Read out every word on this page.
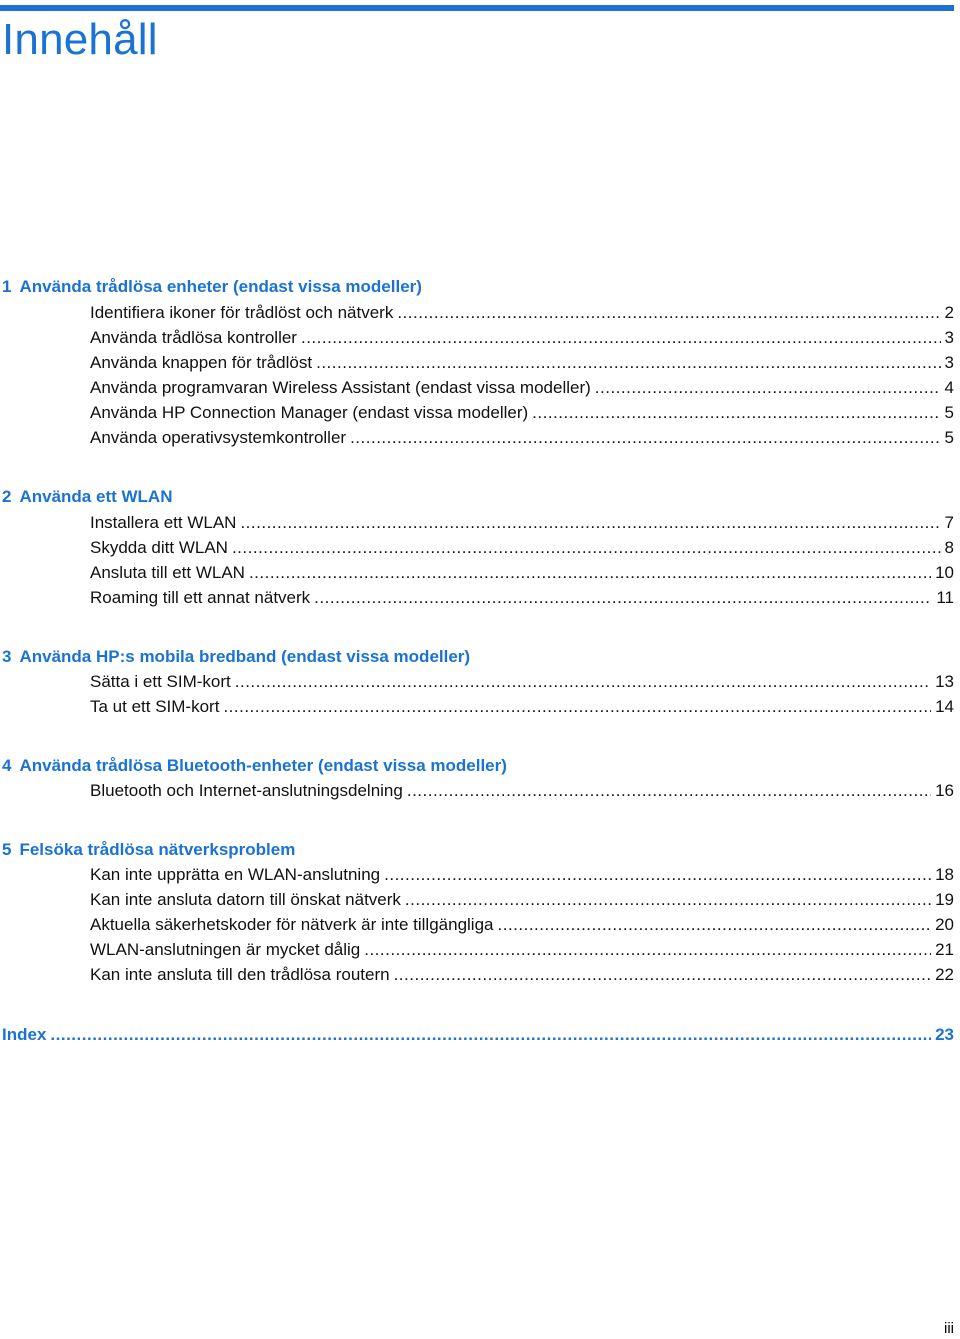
Innehåll
1 Använda trådlösa enheter (endast vissa modeller)
Identifiera ikoner för trådlöst och nätverk .....	2
Använda trådlösa kontroller .....	3
Använda knappen för trådlöst .....	3
Använda programvaran Wireless Assistant (endast vissa modeller) .....	4
Använda HP Connection Manager (endast vissa modeller) .....	5
Använda operativsystemkontroller .....	5
2 Använda ett WLAN
Installera ett WLAN .....	7
Skydda ditt WLAN .....	8
Ansluta till ett WLAN .....	10
Roaming till ett annat nätverk .....	11
3 Använda HP:s mobila bredband (endast vissa modeller)
Sätta i ett SIM-kort .....	13
Ta ut ett SIM-kort .....	14
4 Använda trådlösa Bluetooth-enheter (endast vissa modeller)
Bluetooth och Internet-anslutningsdelning .....	16
5 Felsöka trådlösa nätverksproblem
Kan inte upprätta en WLAN-anslutning .....	18
Kan inte ansluta datorn till önskat nätverk .....	19
Aktuella säkerhetskoder för nätverk är inte tillgängliga .....	20
WLAN-anslutningen är mycket dålig .....	21
Kan inte ansluta till den trådlösa routern .....	22
Index .....	23
iii
